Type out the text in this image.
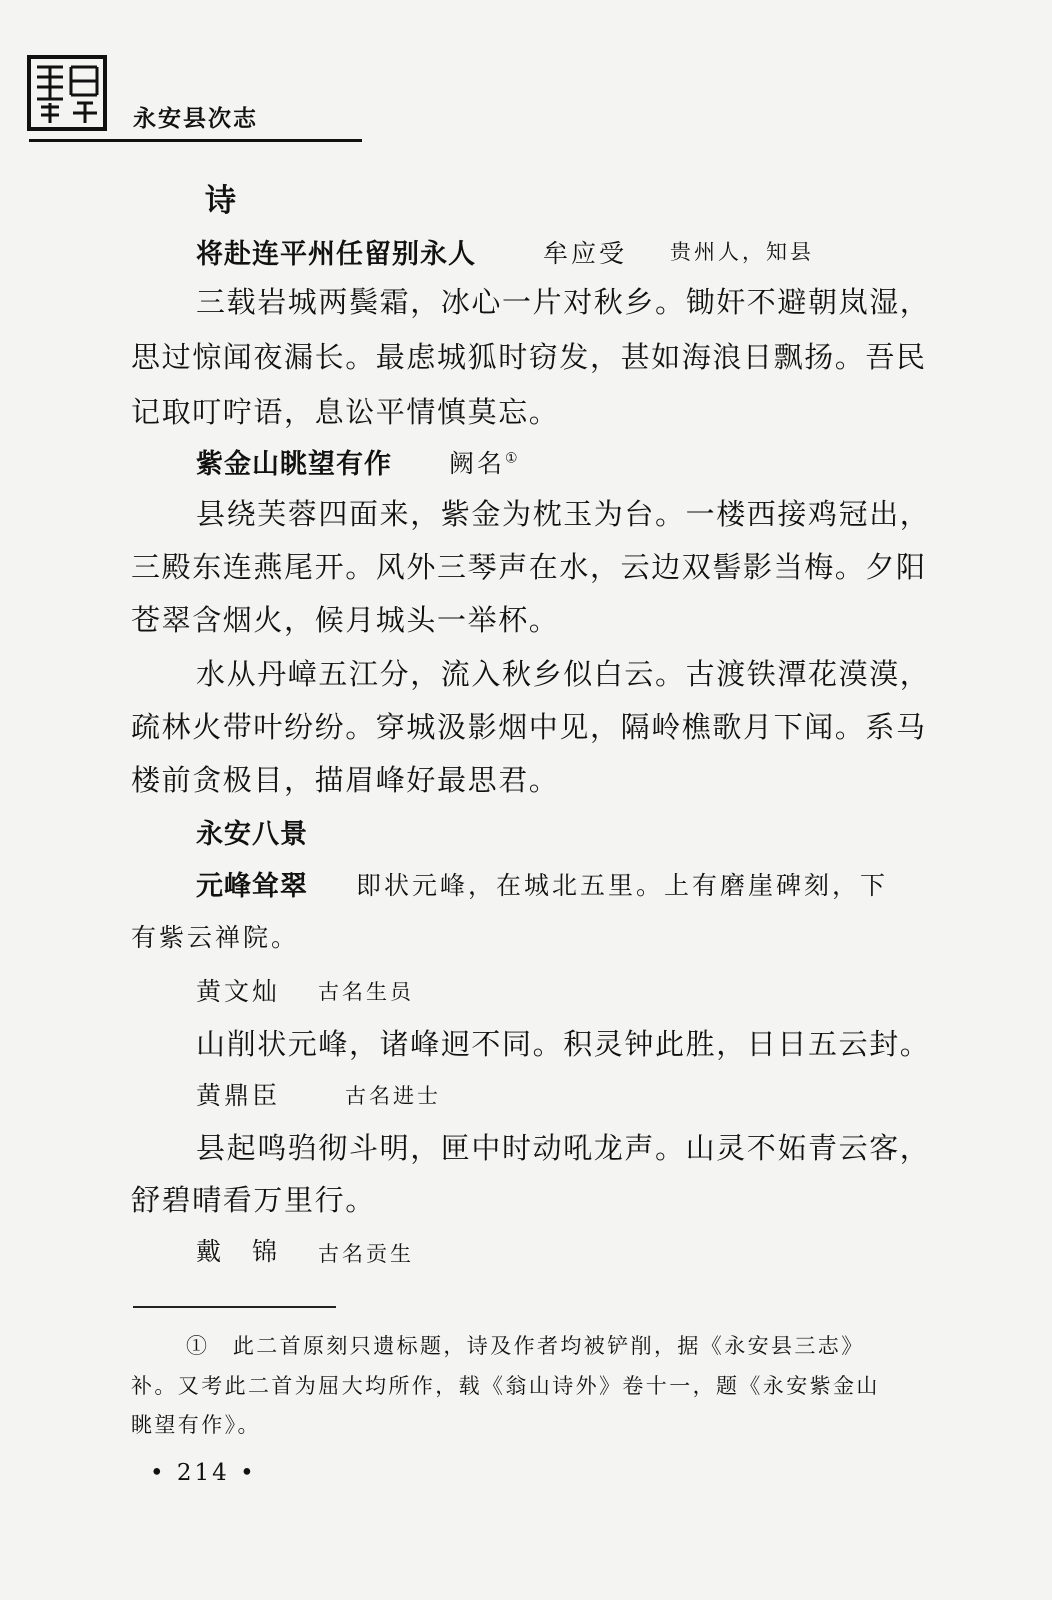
永安县次志
诗
将赴连平州任留别永人	牟应受 贵州人，知县
三载岩城两鬓霜，冰心一片对秋乡。锄奸不避朝岚湿，
思过惊闻夜漏长。最虑城狐时窃发，甚如海浪日飘扬。吾民
记取叮咛语，息讼平情慎莫忘。
紫金山眺望有作 阙名①
县绕芙蓉四面来，紫金为枕玉为台。一楼西接鸡冠出，
三殿东连燕尾开。风外三琴声在水，云边双髻影当梅。夕阳
苍翠含烟火，候月城头一举杯。
水从丹嶂五江分，流入秋乡似白云。古渡铁潭花漠漠，
疏林火带叶纷纷。穿城汲影烟中见，隔岭樵歌月下闻。系马
楼前贪极目，描眉峰好最思君。
永安八景
元峰耸翠 即状元峰，在城北五里。上有磨崖碑刻，下
有紫云禅院。
黄文灿 古名生员
山削状元峰，诸峰迥不同。积灵钟此胜，日日五云封。
黄鼎臣	古名进士
县起鸣驺彻斗明，匣中时动吼龙声。山灵不妬青云客，
舒碧晴看万里行。
戴　锦 古名贡生
①　 此二首原刻只遗标题，诗及作者均被铲削，据《永安县三志》
补。又考此二首为屈大均所作，载《翁山诗外》卷十一，题《永安紫金山
眺望有作》。
• 214 •
